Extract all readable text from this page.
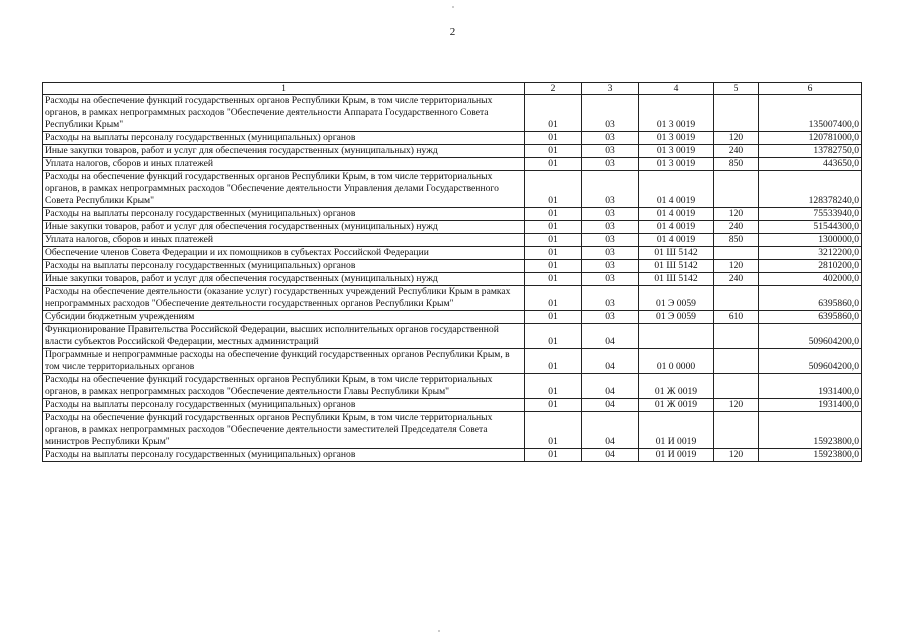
2
1	2	3	4	5	6
Расходы на обеспечение функций государственных органов Республики Крым, в том числе территориальных органов, в рамках непрограммных расходов "Обеспечение деятельности Аппарата Государственного Совета Республики Крым"	01	03	01 3 0019		135007400,0
Расходы на выплаты персоналу государственных (муниципальных) органов	01	03	01 3 0019	120	120781000,0
Иные закупки товаров, работ и услуг для обеспечения государственных (муниципальных) нужд	01	03	01 3 0019	240	13782750,0
Уплата налогов, сборов и иных платежей	01	03	01 3 0019	850	443650,0
Расходы на обеспечение функций государственных органов Республики Крым, в том числе территориальных органов, в рамках непрограммных расходов "Обеспечение деятельности Управления делами Государственного Совета Республики Крым"	01	03	01 4 0019		128378240,0
Расходы на выплаты персоналу государственных (муниципальных) органов	01	03	01 4 0019	120	75533940,0
Иные закупки товаров, работ и услуг для обеспечения государственных (муниципальных) нужд	01	03	01 4 0019	240	51544300,0
Уплата налогов, сборов и иных платежей	01	03	01 4 0019	850	1300000,0
Обеспечение членов Совета Федерации и их помощников в субъектах Российской Федерации	01	03	01 Ш 5142		3212200,0
Расходы на выплаты персоналу государственных (муниципальных) органов	01	03	01 Ш 5142	120	2810200,0
Иные закупки товаров, работ и услуг для обеспечения государственных (муниципальных) нужд	01	03	01 Ш 5142	240	402000,0
Расходы на обеспечение деятельности (оказание услуг) государственных учреждений Республики Крым в рамках непрограммных расходов "Обеспечение деятельности государственных органов Республики Крым"	01	03	01 Э 0059		6395860,0
Субсидии бюджетным учреждениям	01	03	01 Э 0059	610	6395860,0
Функционирование Правительства Российской Федерации, высших исполнительных органов государственной власти субъектов Российской Федерации, местных администраций	01	04			509604200,0
Программные и непрограммные расходы на обеспечение функций государственных органов Республики Крым, в том числе территориальных органов	01	04	01 0 0000		509604200,0
Расходы на обеспечение функций государственных органов Республики Крым, в том числе территориальных органов, в рамках непрограммных расходов "Обеспечение деятельности Главы Республики Крым"	01	04	01 Ж 0019		1931400,0
Расходы на выплаты персоналу государственных (муниципальных) органов	01	04	01 Ж 0019	120	1931400,0
Расходы на обеспечение функций государственных органов Республики Крым, в том числе территориальных органов, в рамках непрограммных расходов "Обеспечение деятельности заместителей Председателя Совета министров Республики Крым"	01	04	01 И 0019		15923800,0
Расходы на выплаты персоналу государственных (муниципальных) органов	01	04	01 И 0019	120	15923800,0
